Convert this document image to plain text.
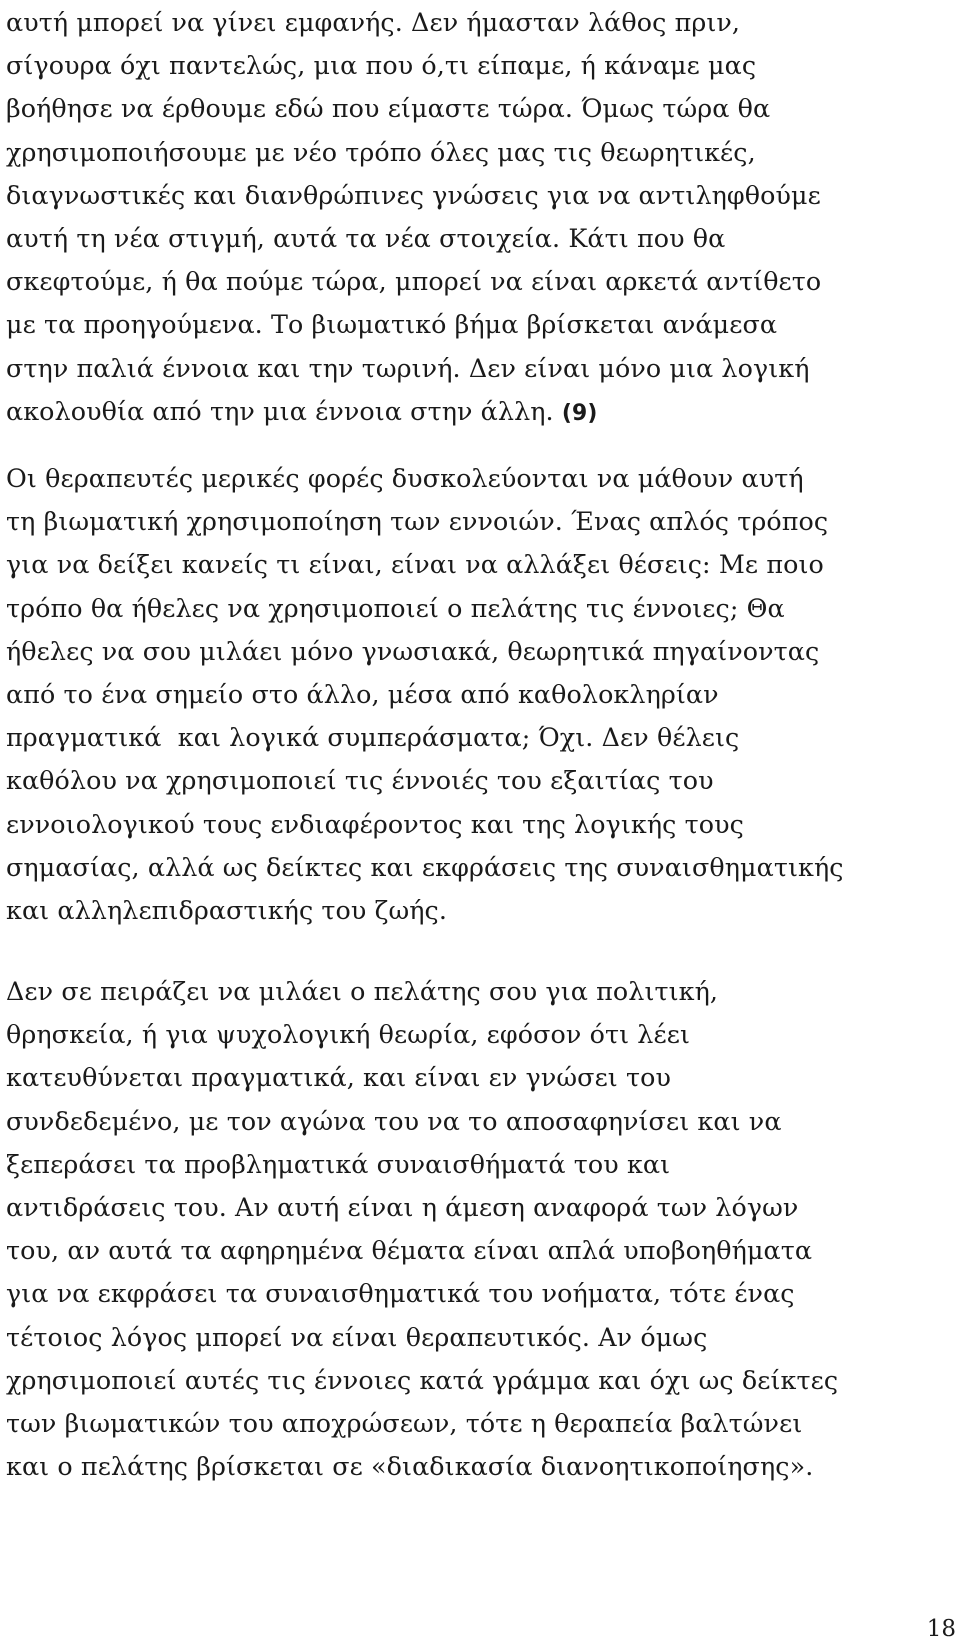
αυτή μπορεί να γίνει εμφανής. Δεν ήμασταν λάθος πριν,
σίγουρα όχι παντελώς, μια που ό,τι είπαμε, ή κάναμε μας
βοήθησε να έρθουμε εδώ που είμαστε τώρα. Όμως τώρα θα
χρησιμοποιήσουμε με νέο τρόπο όλες μας τις θεωρητικές,
διαγνωστικές και διανθρώπινες γνώσεις για να αντιληφθούμε
αυτή τη νέα στιγμή, αυτά τα νέα στοιχεία. Κάτι που θα
σκεφτούμε, ή θα πούμε τώρα, μπορεί να είναι αρκετά αντίθετο
με τα προηγούμενα. Το βιωματικό βήμα βρίσκεται ανάμεσα
στην παλιά έννοια και την τωρινή. Δεν είναι μόνο μια λογική
ακολουθία από την μια έννοια στην άλλη. (9)
Οι θεραπευτές μερικές φορές δυσκολεύονται να μάθουν αυτή
τη βιωματική χρησιμοποίηση των εννοιών. Ένας απλός τρόπος
για να δείξει κανείς τι είναι, είναι να αλλάξει θέσεις: Με ποιο
τρόπο θα ήθελες να χρησιμοποιεί ο πελάτης τις έννοιες; Θα
ήθελες να σου μιλάει μόνο γνωσιακά, θεωρητικά πηγαίνοντας
από το ένα σημείο στο άλλο, μέσα από καθολοκληρίαν
πραγματικά  και λογικά συμπεράσματα; Όχι. Δεν θέλεις
καθόλου να χρησιμοποιεί τις έννοιές του εξαιτίας του
εννοιολογικού τους ενδιαφέροντος και της λογικής τους
σημασίας, αλλά ως δείκτες και εκφράσεις της συναισθηματικής
και αλληλεπιδραστικής του ζωής.
Δεν σε πειράζει να μιλάει ο πελάτης σου για πολιτική,
θρησκεία, ή για ψυχολογική θεωρία, εφόσον ότι λέει
κατευθύνεται πραγματικά, και είναι εν γνώσει του
συνδεδεμένο, με τον αγώνα του να το αποσαφηνίσει και να
ξεπεράσει τα προβληματικά συναισθήματά του και
αντιδράσεις του. Αν αυτή είναι η άμεση αναφορά των λόγων
του, αν αυτά τα αφηρημένα θέματα είναι απλά υποβοηθήματα
για να εκφράσει τα συναισθηματικά του νοήματα, τότε ένας
τέτοιος λόγος μπορεί να είναι θεραπευτικός. Αν όμως
χρησιμοποιεί αυτές τις έννοιες κατά γράμμα και όχι ως δείκτες
των βιωματικών του αποχρώσεων, τότε η θεραπεία βαλτώνει
και ο πελάτης βρίσκεται σε «διαδικασία διανοητικοποίησης».
18
